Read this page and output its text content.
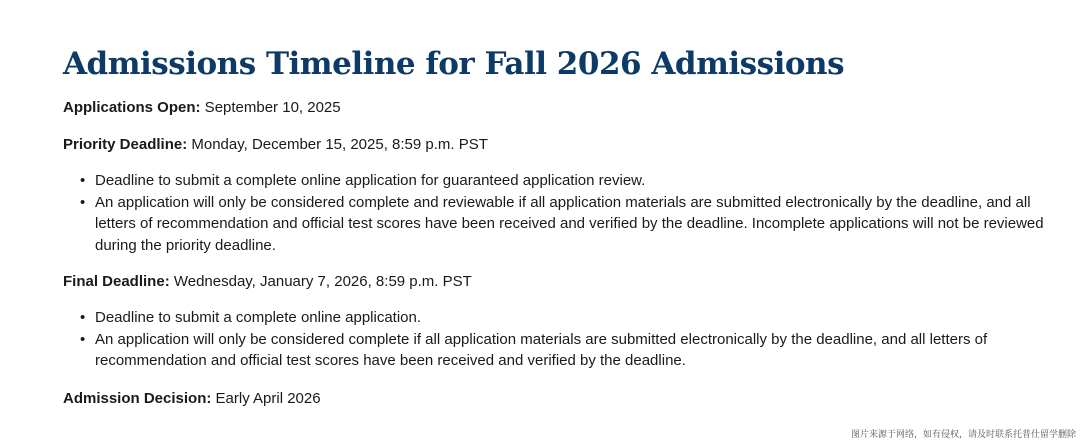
Admissions Timeline for Fall 2026 Admissions

Applications Open: September 10, 2025

Priority Deadline: Monday, December 15, 2025, 8:59 p.m. PST

• Deadline to submit a complete online application for guaranteed application review.
• An application will only be considered complete and reviewable if all application materials are submitted electronically by the deadline, and all letters of recommendation and official test scores have been received and verified by the deadline. Incomplete applications will not be reviewed during the priority deadline.

Final Deadline: Wednesday, January 7, 2026, 8:59 p.m. PST

• Deadline to submit a complete online application.
• An application will only be considered complete if all application materials are submitted electronically by the deadline, and all letters of recommendation and official test scores have been received and verified by the deadline.

Admission Decision: Early April 2026

图片来源于网络，如有侵权，请及时联系托普仕留学删除
